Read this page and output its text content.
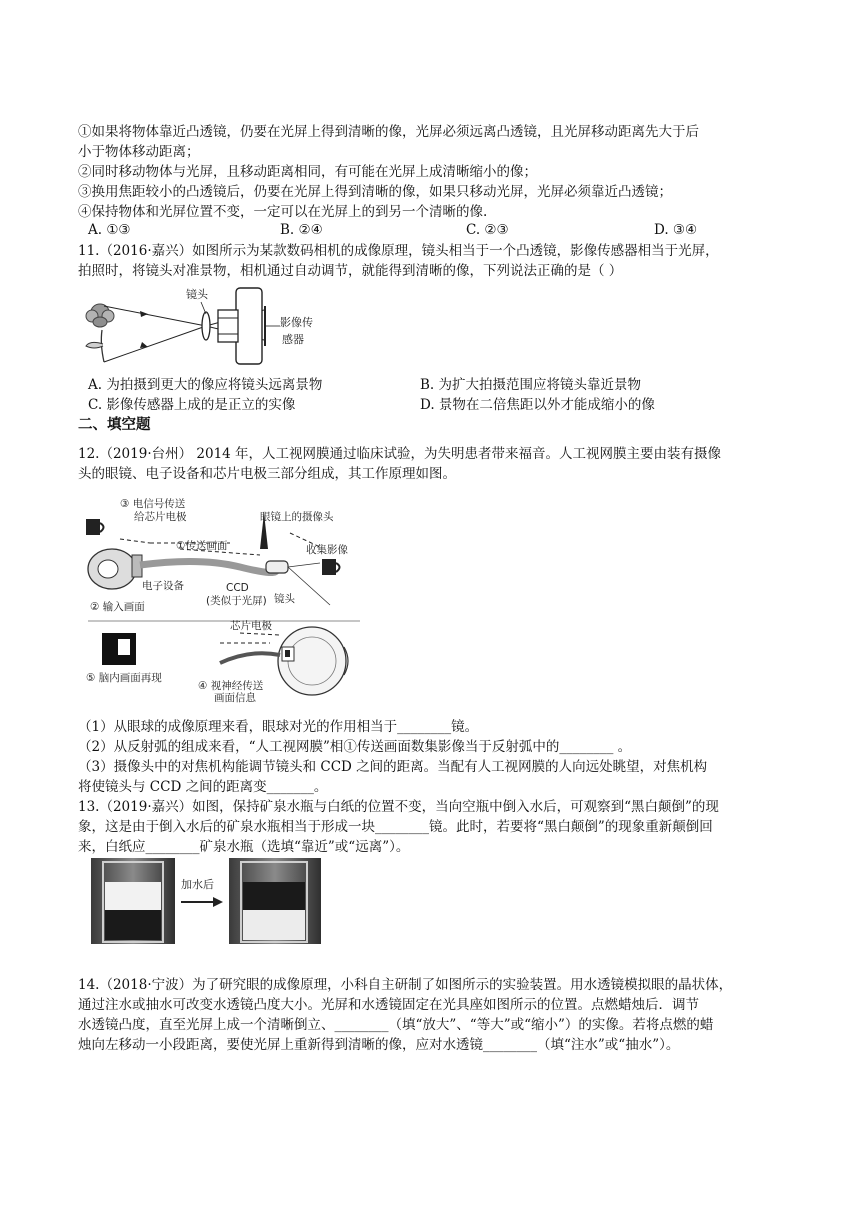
①如果将物体靠近凸透镜，仍要在光屏上得到清晰的像，光屏必须远离凸透镜，且光屏移动距离先大于后
小于物体移动距离；
②同时移动物体与光屏，且移动距离相同，有可能在光屏上成清晰缩小的像；
③换用焦距较小的凸透镜后，仍要在光屏上得到清晰的像，如果只移动光屏，光屏必须靠近凸透镜；
④保持物体和光屏位置不变，一定可以在光屏上的到另一个清晰的像.
A. ①③	B. ②④	C. ②③	D. ③④
11.（2016·嘉兴）如图所示为某款数码相机的成像原理，镜头相当于一个凸透镜，影像传感器相当于光屏，
拍照时，将镜头对准景物，相机通过自动调节，就能得到清晰的像，下列说法正确的是（ ）
镜头
影像传
感器
A. 为拍摄到更大的像应将镜头远离景物	B. 为扩大拍摄范围应将镜头靠近景物
C. 影像传感器上成的是正立的实像	D. 景物在二倍焦距以外才能成缩小的像
二、填空题
12.（2019·台州） 2014 年，人工视网膜通过临床试验，为失明患者带来福音。人工视网膜主要由装有摄像
头的眼镜、电子设备和芯片电极三部分组成，其工作原理如图。
③ 电信号传送
给芯片电极	眼镜上的摄像头
①传送画面	收集影像
电子设备	CCD
(类似于光屏) 镜头
② 输入画面
芯片电极
⑤ 脑内画面再现
④ 视神经传送
画面信息
（1）从眼球的成像原理来看，眼球对光的作用相当于________镜。
（2）从反射弧的组成来看，“人工视网膜”相①传送画面数集影像当于反射弧中的________ 。
（3）摄像头中的对焦机构能调节镜头和 CCD 之间的距离。当配有人工视网膜的人向远处眺望，对焦机构
将使镜头与 CCD 之间的距离变_______。
13.（2019·嘉兴）如图，保持矿泉水瓶与白纸的位置不变，当向空瓶中倒入水后，可观察到“黑白颠倒”的现
象，这是由于倒入水后的矿泉水瓶相当于形成一块________镜。此时，若要将“黑白颠倒”的现象重新颠倒回
来，白纸应________矿泉水瓶（选填“靠近”或“远离”）。
加水后
14.（2018·宁波）为了研究眼的成像原理，小科自主研制了如图所示的实验装置。用水透镜模拟眼的晶状体，
通过注水或抽水可改变水透镜凸度大小。光屏和水透镜固定在光具座如图所示的位置。点燃蜡烛后．调节
水透镜凸度，直至光屏上成一个清晰倒立、________（填“放大”、“等大”或“缩小”）的实像。若将点燃的蜡
烛向左移动一小段距离，要使光屏上重新得到清晰的像，应对水透镜________（填“注水”或“抽水”）。
